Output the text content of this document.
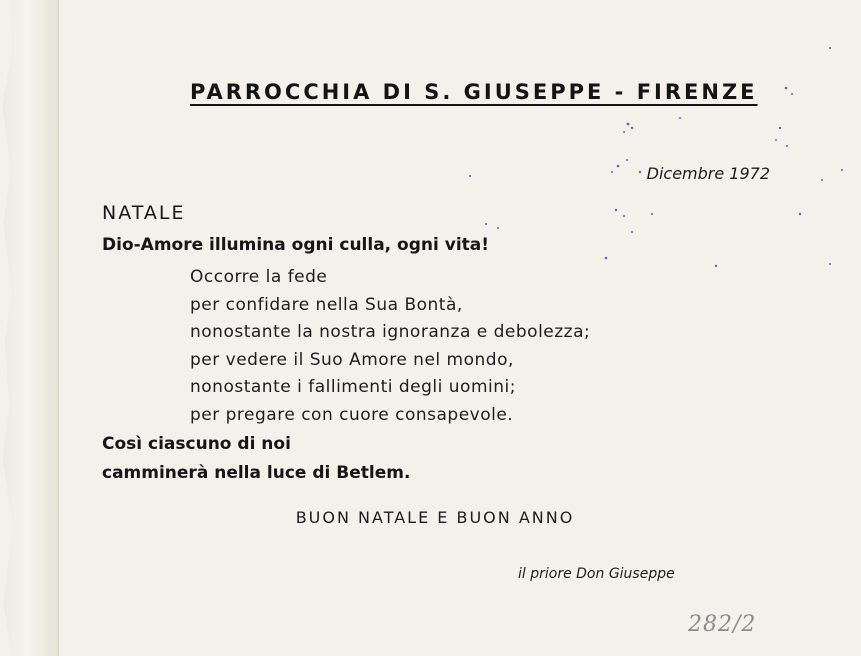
PARROCCHIA DI S. GIUSEPPE - FIRENZE
Dicembre 1972
NATALE
Dio-Amore illumina ogni culla, ogni vita!
Occorre la fede
per confidare nella Sua Bontà,
nonostante la nostra ignoranza e debolezza;
per vedere il Suo Amore nel mondo,
nonostante i fallimenti degli uomini;
per pregare con cuore consapevole.
Così ciascuno di noi
camminerà nella luce di Betlem.
BUON NATALE E BUON ANNO
il priore Don Giuseppe
282/2
